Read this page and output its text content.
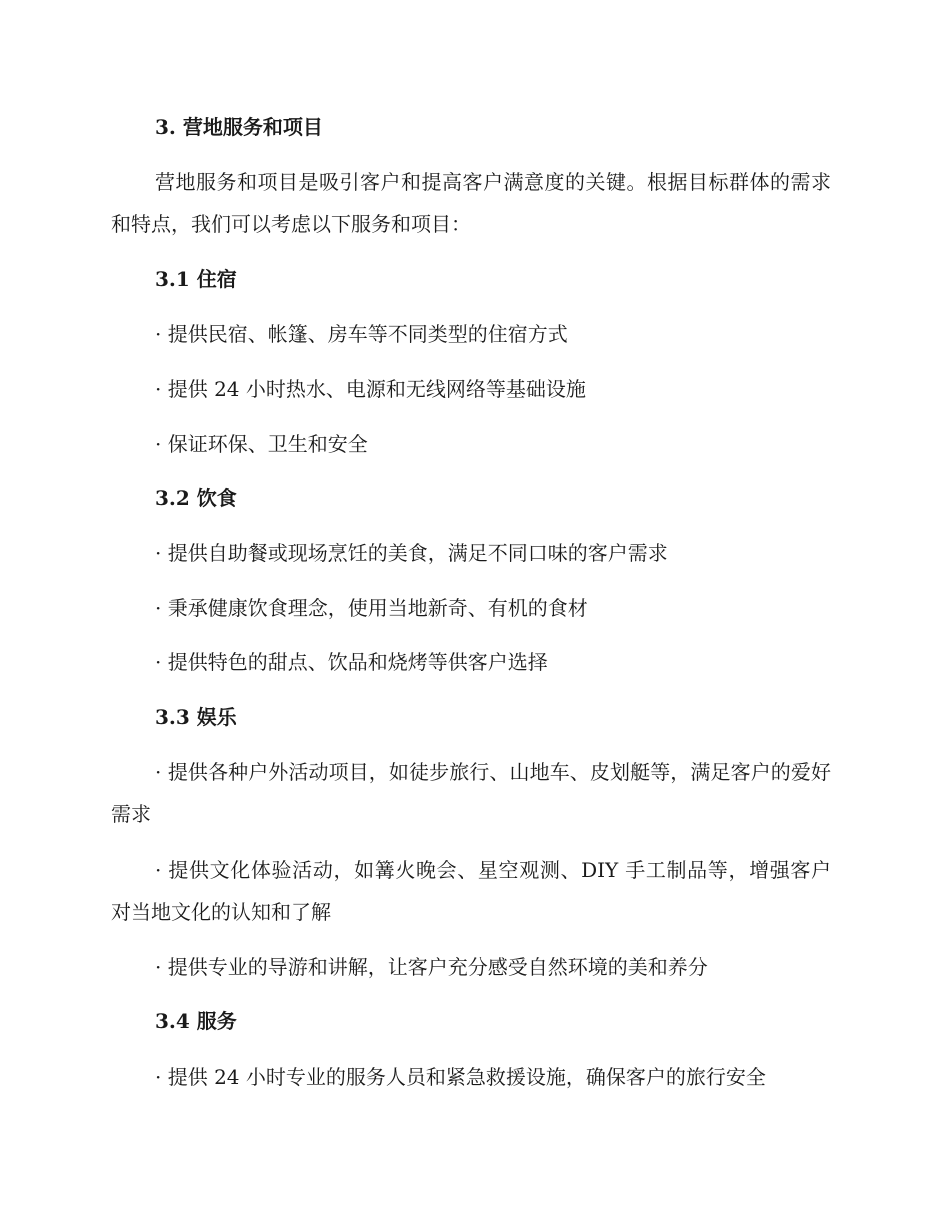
3. 营地服务和项目

营地服务和项目是吸引客户和提高客户满意度的关键。根据目标群体的需求和特点，我们可以考虑以下服务和项目：

3.1 住宿
· 提供民宿、帐篷、房车等不同类型的住宿方式
· 提供 24 小时热水、电源和无线网络等基础设施
· 保证环保、卫生和安全
3.2 饮食
· 提供自助餐或现场烹饪的美食，满足不同口味的客户需求
· 秉承健康饮食理念，使用当地新奇、有机的食材
· 提供特色的甜点、饮品和烧烤等供客户选择
3.3 娱乐

· 提供各种户外活动项目，如徒步旅行、山地车、皮划艇等，满足客户的爱好需求

· 提供文化体验活动，如篝火晚会、星空观测、DIY 手工制品等，增强客户对当地文化的认知和了解

· 提供专业的导游和讲解，让客户充分感受自然环境的美和养分
3.4 服务
· 提供 24 小时专业的服务人员和紧急救援设施，确保客户的旅行安全
